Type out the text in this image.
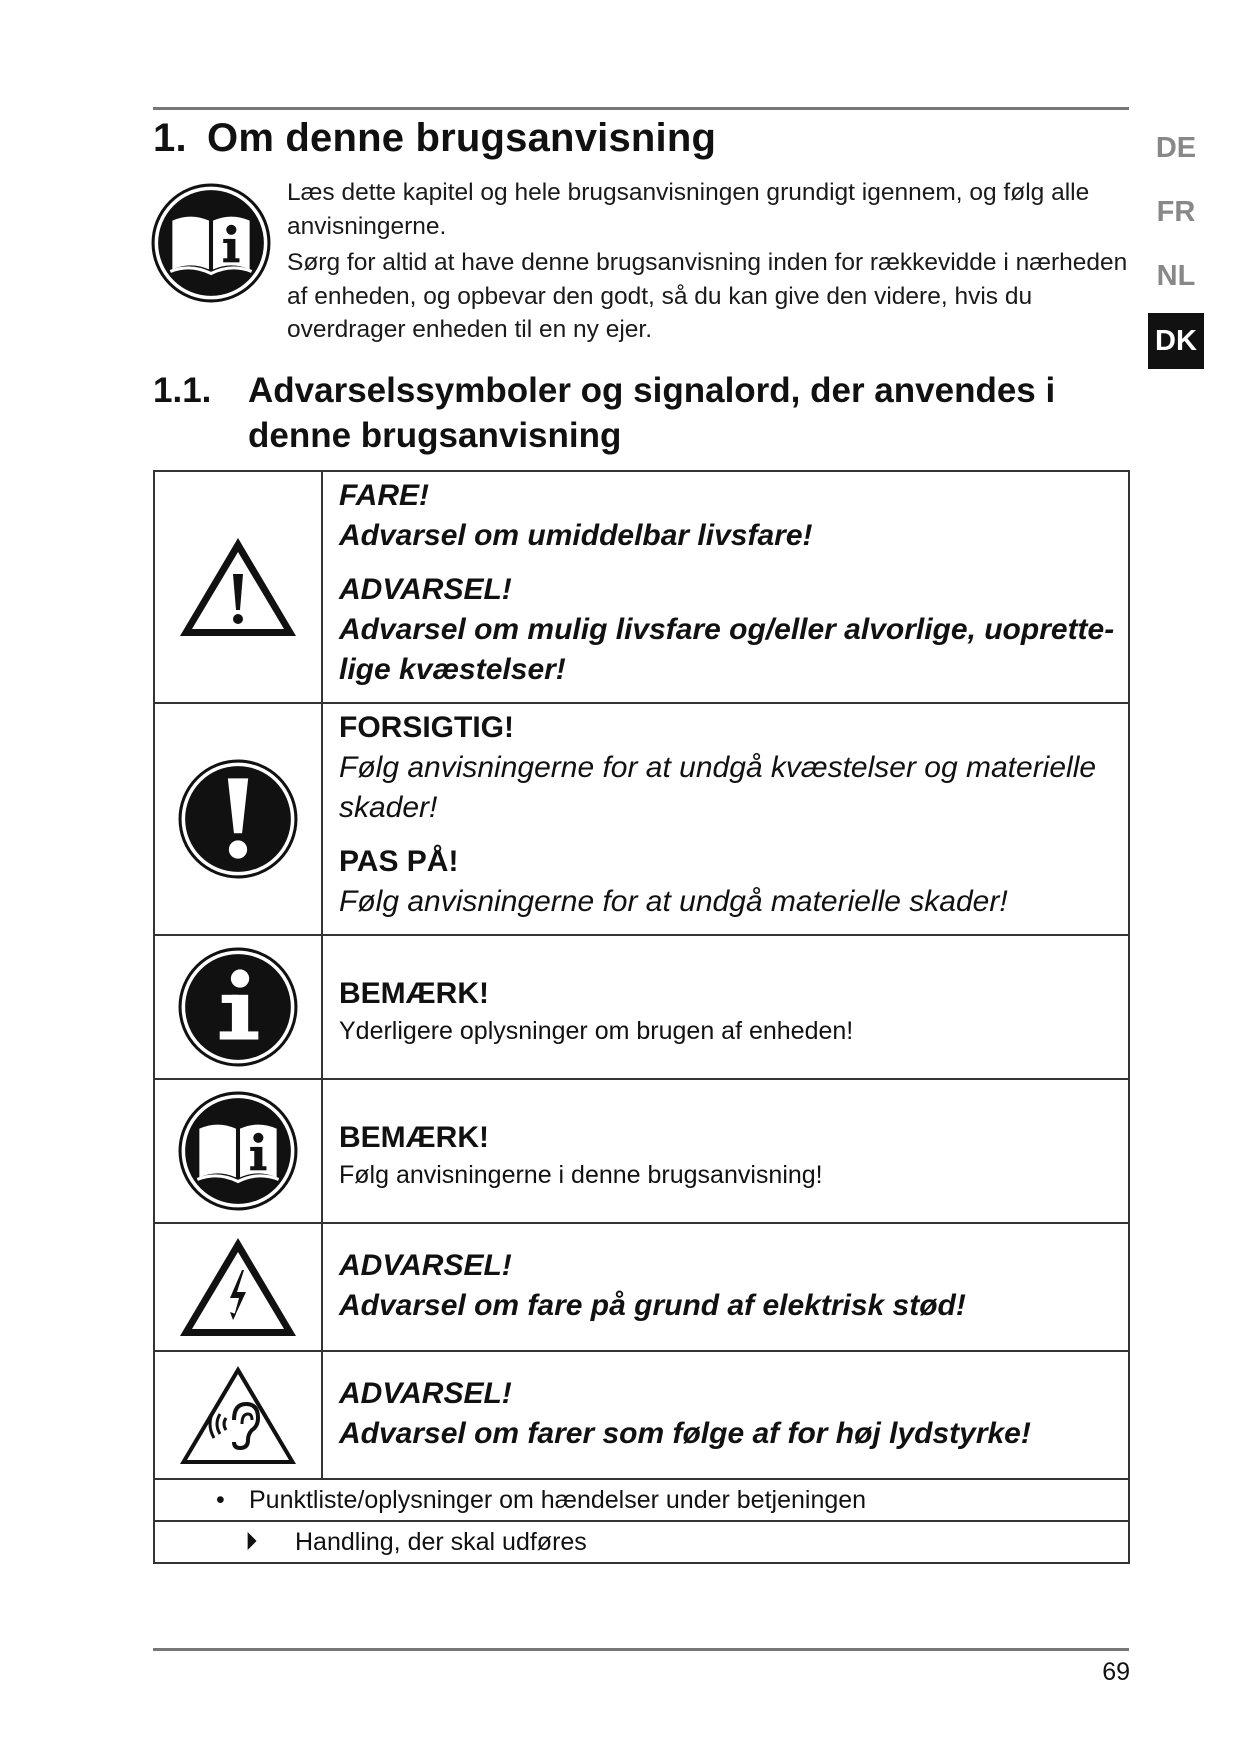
1. Om denne brugsanvisning

Læs dette kapitel og hele brugsanvisningen grundigt igennem, og følg alle anvisningerne.

Sørg for altid at have denne brugsanvisning inden for rækkevidde i nærheden af enheden, og opbevar den godt, så du kan give den videre, hvis du overdrager enheden til en ny ejer.

1.1. Advarselssymboler og signalord, der anvendes i
denne brugsanvisning
DE
FR
NL
DK

FARE!

Advarsel om umiddelbar livsfare!

ADVARSEL!

Advarsel om mulig livsfare og/eller alvorlige, uoprettelige kvæstelser!

FORSIGTIG!

Følg anvisningerne for at undgå kvæstelser og materielle skader!

PAS PÅ!

Følg anvisningerne for at undgå materielle skader!

BEMÆRK!

Yderligere oplysninger om brugen af enheden!

BEMÆRK!

Følg anvisningerne i denne brugsanvisning!

ADVARSEL!

Advarsel om fare på grund af elektrisk stød!

ADVARSEL!

Advarsel om farer som følge af for høj lydstyrke!

• Punktliste/oplysninger om hændelser under betjeningen	

⏵ Handling, der skal udføres	
69
